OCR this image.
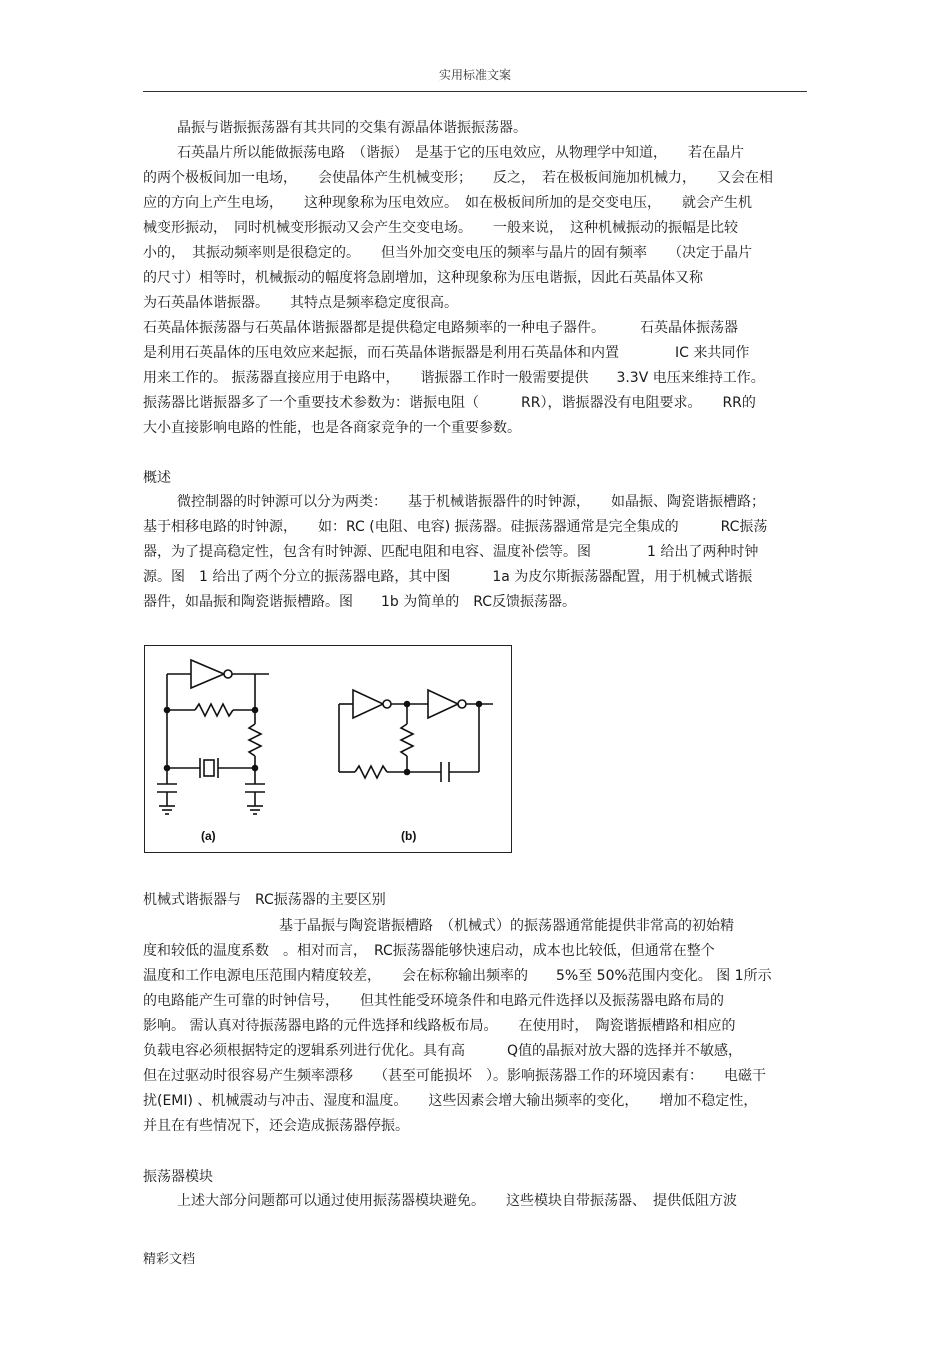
实用标准文案
晶振与谐振振荡器有其共同的交集有源晶体谐振振荡器。
石英晶片所以能做振荡电路　（谐振）　是基于它的压电效应，从物理学中知道，　　若在晶片
的两个极板间加一电场，　　会使晶体产生机械变形；　　反之，　若在极板间施加机械力，　　又会在相
应的方向上产生电场，　　这种现象称为压电效应。　如在极板间所加的是交变电压，　　就会产生机
械变形振动，　同时机械变形振动又会产生交变电场。　　一般来说，　这种机械振动的振幅是比较
小的，　其振动频率则是很稳定的。　　但当外加交变电压的频率与晶片的固有频率　　（决定于晶片
的尺寸）相等时，机械振动的幅度将急剧增加，这种现象称为压电谐振，因此石英晶体又称
为石英晶体谐振器。　　其特点是频率稳定度很高。
石英晶体振荡器与石英晶体谐振器都是提供稳定电路频率的一种电子器件。　　　石英晶体振荡器
是利用石英晶体的压电效应来起振，而石英晶体谐振器是利用石英晶体和内置　　　　IC 来共同作
用来工作的。 振荡器直接应用于电路中，　　谐振器工作时一般需要提供　　3.3V 电压来维持工作。
振荡器比谐振器多了一个重要技术参数为：谐振电阻（　　　RR），谐振器没有电阻要求。　　RR的
大小直接影响电路的性能，也是各商家竞争的一个重要参数。
概述
微控制器的时钟源可以分为两类：　　基于机械谐振器件的时钟源，　　如晶振、陶瓷谐振槽路；
基于相移电路的时钟源，　　如：RC (电阻、电容) 振荡器。硅振荡器通常是完全集成的　　　RC振荡
器，为了提高稳定性，包含有时钟源、匹配电阻和电容、温度补偿等。图　　　　1 给出了两种时钟
源。图　1 给出了两个分立的振荡器电路，其中图　　　1a 为皮尔斯振荡器配置，用于机械式谐振
器件，如晶振和陶瓷谐振槽路。图　　1b 为简单的　RC反馈振荡器。
(a)	(b)
机械式谐振器与　RC振荡器的主要区别
基于晶振与陶瓷谐振槽路　（机械式）的振荡器通常能提供非常高的初始精
度和较低的温度系数　。相对而言，　RC振荡器能够快速启动，成本也比较低，但通常在整个
温度和工作电源电压范围内精度较差，　　会在标称输出频率的　　5%至 50%范围内变化。 图 1所示
的电路能产生可靠的时钟信号，　　但其性能受环境条件和电路元件选择以及振荡器电路布局的
影响。 需认真对待振荡器电路的元件选择和线路板布局。　　在使用时，　陶瓷谐振槽路和相应的
负载电容必须根据特定的逻辑系列进行优化。具有高　　　Q值的晶振对放大器的选择并不敏感，
但在过驱动时很容易产生频率漂移　　（甚至可能损坏　）。影响振荡器工作的环境因素有：　　电磁干
扰(EMI) 、机械震动与冲击、湿度和温度。　　这些因素会增大输出频率的变化，　　增加不稳定性，
并且在有些情况下，还会造成振荡器停振。
振荡器模块
上述大部分问题都可以通过使用振荡器模块避免。　　这些模块自带振荡器、　提供低阻方波
精彩文档
